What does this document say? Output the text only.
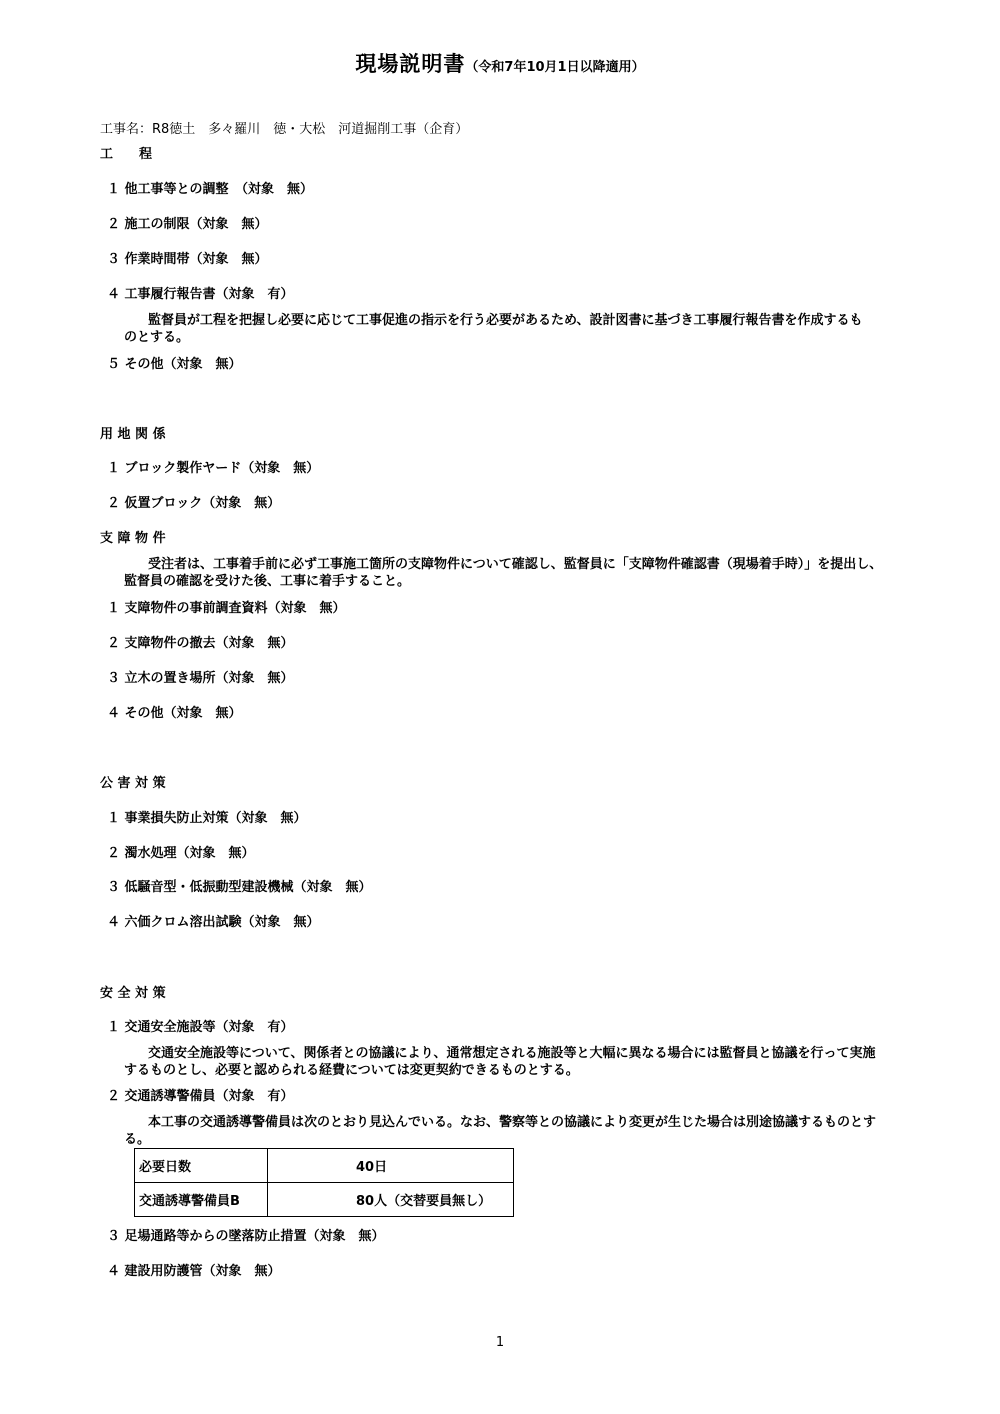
現場説明書（令和7年10月1日以降適用）
工事名：R8徳土　多々羅川　徳・大松　河道掘削工事（企育）
工　　程
１ 他工事等との調整　（対象　無）
２ 施工の制限（対象　無）
３ 作業時間帯（対象　無）
４ 工事履行報告書（対象　有）
監督員が工程を把握し必要に応じて工事促進の指示を行う必要があるため、設計図書に基づき工事履行報告書を作成するものとする。
５ その他（対象　無）
用 地 関 係
１ ブロック製作ヤード（対象　無）
２ 仮置ブロック（対象　無）
支 障 物 件
受注者は、工事着手前に必ず工事施工箇所の支障物件について確認し、監督員に「支障物件確認書（現場着手時）」を提出し、監督員の確認を受けた後、工事に着手すること。
１ 支障物件の事前調査資料（対象　無）
２ 支障物件の撤去（対象　無）
３ 立木の置き場所（対象　無）
４ その他（対象　無）
公 害 対 策
１ 事業損失防止対策（対象　無）
２ 濁水処理（対象　無）
３ 低騒音型・低振動型建設機械（対象　無）
４ 六価クロム溶出試験（対象　無）
安 全 対 策
１ 交通安全施設等（対象　有）
交通安全施設等について、関係者との協議により、通常想定される施設等と大幅に異なる場合には監督員と協議を行って実施するものとし、必要と認められる経費については変更契約できるものとする。
２ 交通誘導警備員（対象　有）
本工事の交通誘導警備員は次のとおり見込んでいる。なお、警察等との協議により変更が生じた場合は別途協議するものとする。
必要日数	40日
交通誘導警備員B	80人（交替要員無し）
３ 足場通路等からの墜落防止措置（対象　無）
４ 建設用防護管（対象　無）
1
